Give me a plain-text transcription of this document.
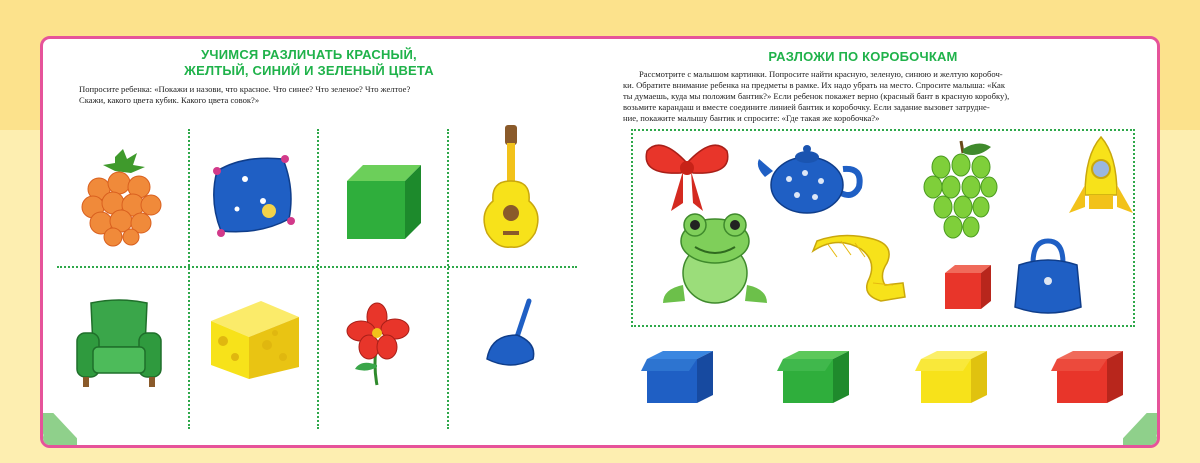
УЧИМСЯ РАЗЛИЧАТЬ КРАСНЫЙ,
ЖЕЛТЫЙ, СИНИЙ И ЗЕЛЕНЫЙ ЦВЕТА
Попросите ребенка: «Покажи и назови, что красное. Что синее? Что зеленое? Что желтое?
Скажи, какого цвета кубик. Какого цвета совок?»
РАЗЛОЖИ ПО КОРОБОЧКАМ
Рассмотрите с малышом картинки. Попросите найти красную, зеленую, синюю и желтую коробоч-
ки. Обратите внимание ребенка на предметы в рамке. Их надо убрать на место. Спросите малыша: «Как
ты думаешь, куда мы положим бантик?» Если ребенок покажет верно (красный бант в красную коробку),
возьмите карандаш и вместе соедините линией бантик и коробочку. Если задание вызовет затрудне-
ние, покажите малышу бантик и спросите: «Где такая же коробочка?»
